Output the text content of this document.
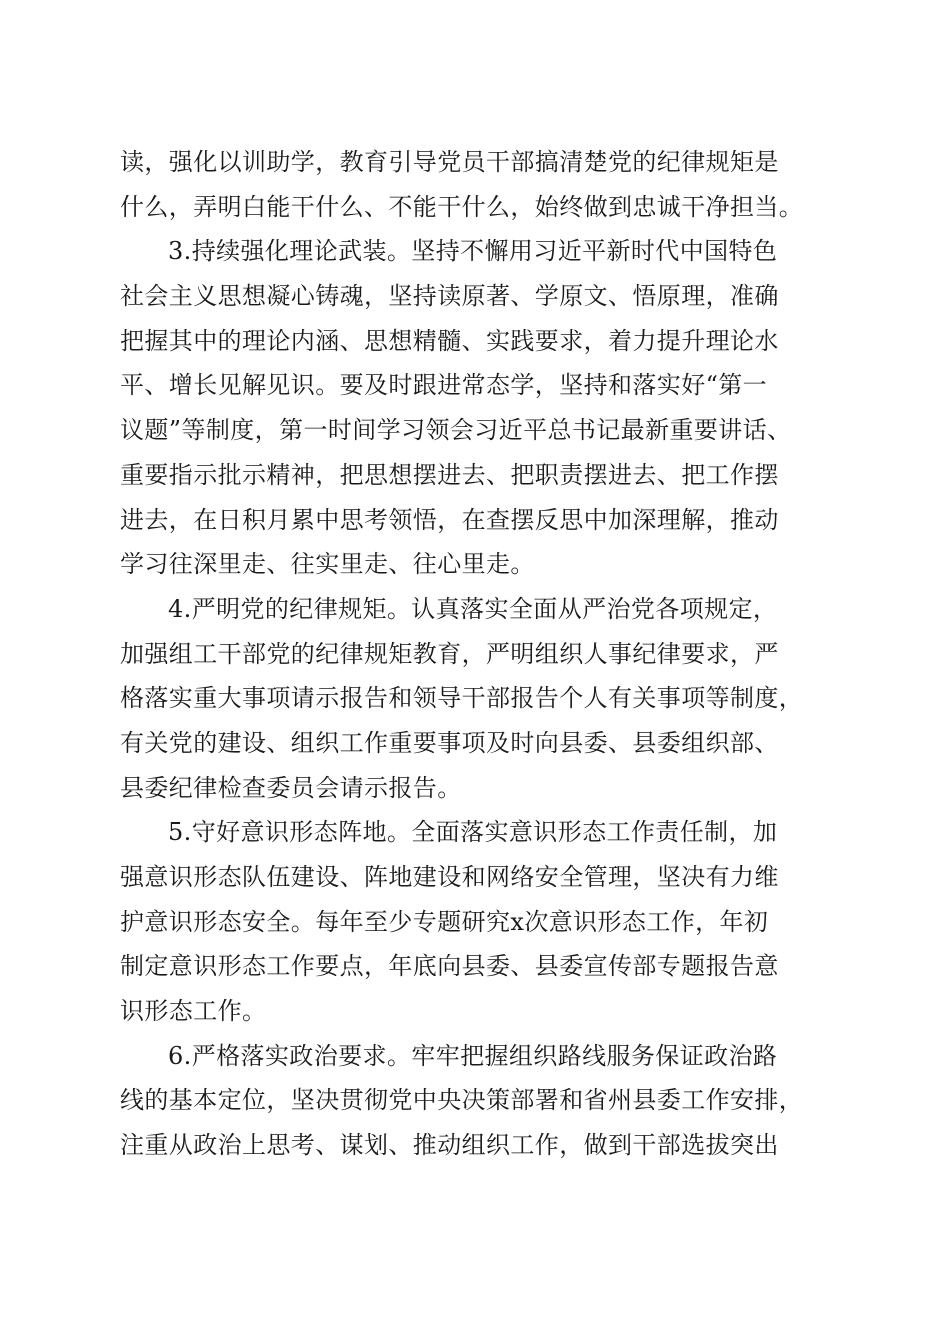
读，强化以训助学，教育引导党员干部搞清楚党的纪律规矩是
什么，弄明白能干什么、不能干什么，始终做到忠诚干净担当。
3.持续强化理论武装。坚持不懈用习近平新时代中国特色
社会主义思想凝心铸魂，坚持读原著、学原文、悟原理，准确
把握其中的理论内涵、思想精髓、实践要求，着力提升理论水
平、增长见解见识。要及时跟进常态学，坚持和落实好“第一
议题”等制度，第一时间学习领会习近平总书记最新重要讲话、
重要指示批示精神，把思想摆进去、把职责摆进去、把工作摆
进去，在日积月累中思考领悟，在查摆反思中加深理解，推动
学习往深里走、往实里走、往心里走。
4.严明党的纪律规矩。认真落实全面从严治党各项规定，
加强组工干部党的纪律规矩教育，严明组织人事纪律要求，严
格落实重大事项请示报告和领导干部报告个人有关事项等制度，
有关党的建设、组织工作重要事项及时向县委、县委组织部、
县委纪律检查委员会请示报告。
5.守好意识形态阵地。全面落实意识形态工作责任制，加
强意识形态队伍建设、阵地建设和网络安全管理，坚决有力维
护意识形态安全。每年至少专题研究x次意识形态工作，年初
制定意识形态工作要点，年底向县委、县委宣传部专题报告意
识形态工作。
6.严格落实政治要求。牢牢把握组织路线服务保证政治路
线的基本定位，坚决贯彻党中央决策部署和省州县委工作安排，
注重从政治上思考、谋划、推动组织工作，做到干部选拔突出
